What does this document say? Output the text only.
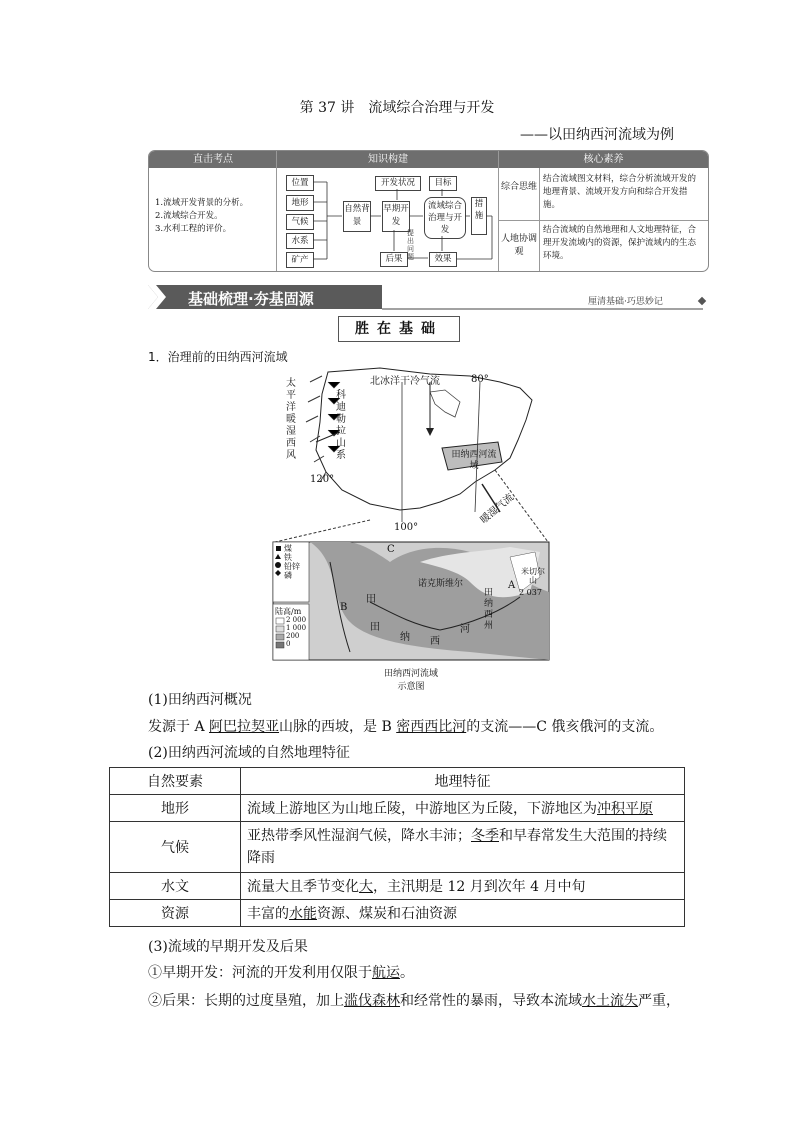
第 37 讲　流域综合治理与开发
——以田纳西河流域为例
直击考点	知识构建	核心素养
1.流域开发背景的分析。
2.流域综合开发。
3.水利工程的评价。
位置
地形
气候
水系
矿产
自然背景
早期开发
开发状况	目标
流域综合治理与开发
措施
后果	效果
提出问题
综合思维
结合流域图文材料，综合分析流域开发的地理背景、流域开发方向和综合开发措施。
人地协调观
结合流域的自然地理和人文地理特征，合理开发流域内的资源，保护流域内的生态环境。
基础梳理·夯基固源	厘清基础·巧思妙记
胜在基础
1．治理前的田纳西河流域
北冰洋干冷气流	80°
100°
120°
太平洋暖湿西风
科迪勒拉山系	田纳西河流域
暖湿气流
煤
铁
铅锌
磷
陆高/m
2 000
1 000
200
0
A
B
C
米切尔山
2 037
诺克斯维尔
田纳西州
田
田
纳 西
河
田纳西河流域示意图
(1)田纳西河概况
发源于 A 阿巴拉契亚山脉的西坡，是 B 密西西比河的支流——C 俄亥俄河的支流。
(2)田纳西河流域的自然地理特征
自然要素	地理特征
地形	流域上游地区为山地丘陵，中游地区为丘陵，下游地区为冲积平原
气候	亚热带季风性湿润气候，降水丰沛；冬季和早春常发生大范围的持续降雨
水文	流量大且季节变化大，主汛期是 12 月到次年 4 月中旬
资源	丰富的水能资源、煤炭和石油资源
(3)流域的早期开发及后果
①早期开发：河流的开发利用仅限于航运。
②后果：长期的过度垦殖，加上滥伐森林和经常性的暴雨，导致本流域水土流失严重，
